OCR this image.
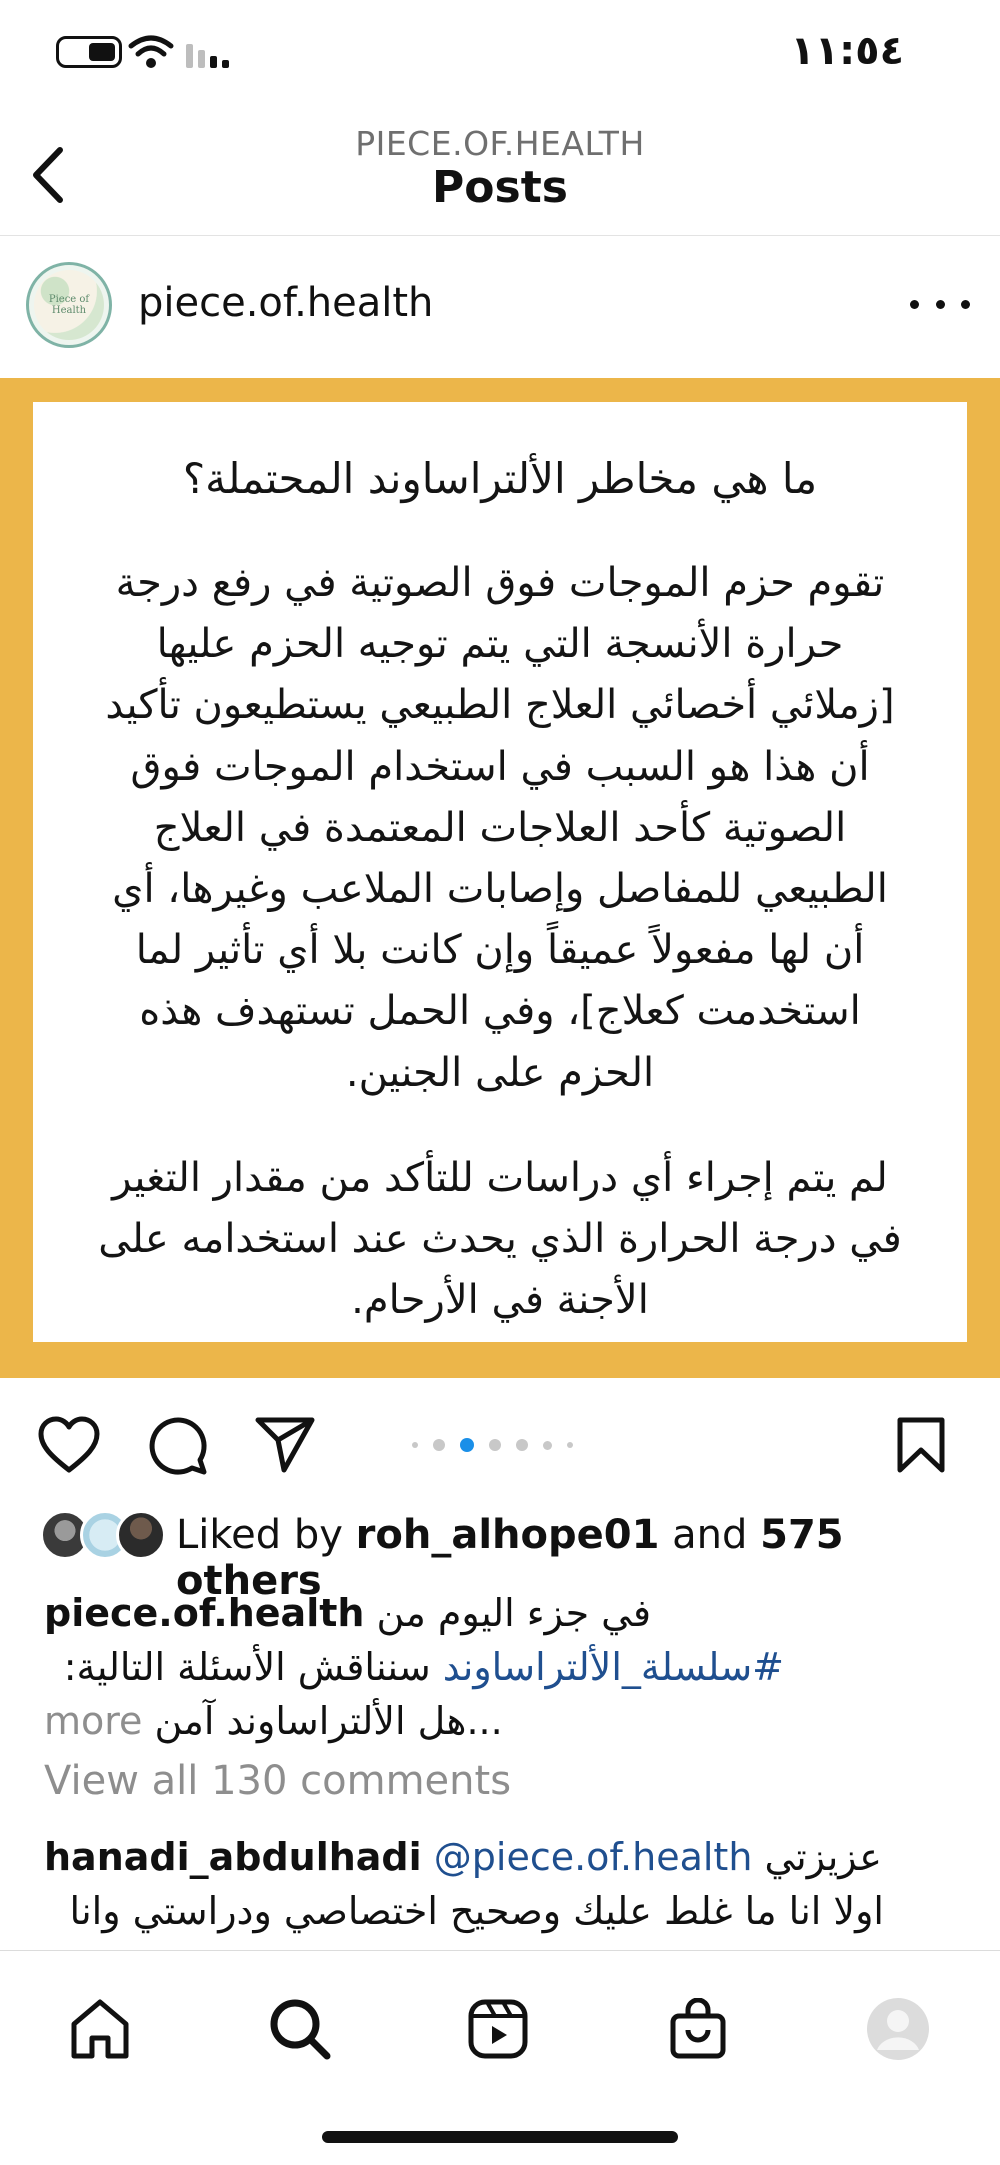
١١:٥٤
PIECE.OF.HEALTH
Posts
Piece of Health	piece.of.health
ما هي مخاطر الألتراساوند المحتملة؟
تقوم حزم الموجات فوق الصوتية في رفع درجة حرارة الأنسجة التي يتم توجيه الحزم عليها [زملائي أخصائي العلاج الطبيعي يستطيعون تأكيد أن هذا هو السبب في استخدام الموجات فوق الصوتية كأحد العلاجات المعتمدة في العلاج الطبيعي للمفاصل وإصابات الملاعب وغيرها، أي أن لها مفعولاً عميقاً وإن كانت بلا أي تأثير لما استخدمت كعلاج]، وفي الحمل تستهدف هذه الحزم على الجنين.
لم يتم إجراء أي دراسات للتأكد من مقدار التغير في درجة الحرارة الذي يحدث عند استخدامه على الأجنة في الأرحام.
Liked by roh_alhope01 and 575 others
piece.of.health في جزء اليوم من
#سلسلة_الألتراساوند سنناقش الأسئلة التالية:
more هل الألتراساوند آمن...
View all 130 comments
hanadi_abdulhadi @piece.of.health عزيزتي
اولا انا ما غلط عليك وصحيح اختصاصي ودراستي وانا
